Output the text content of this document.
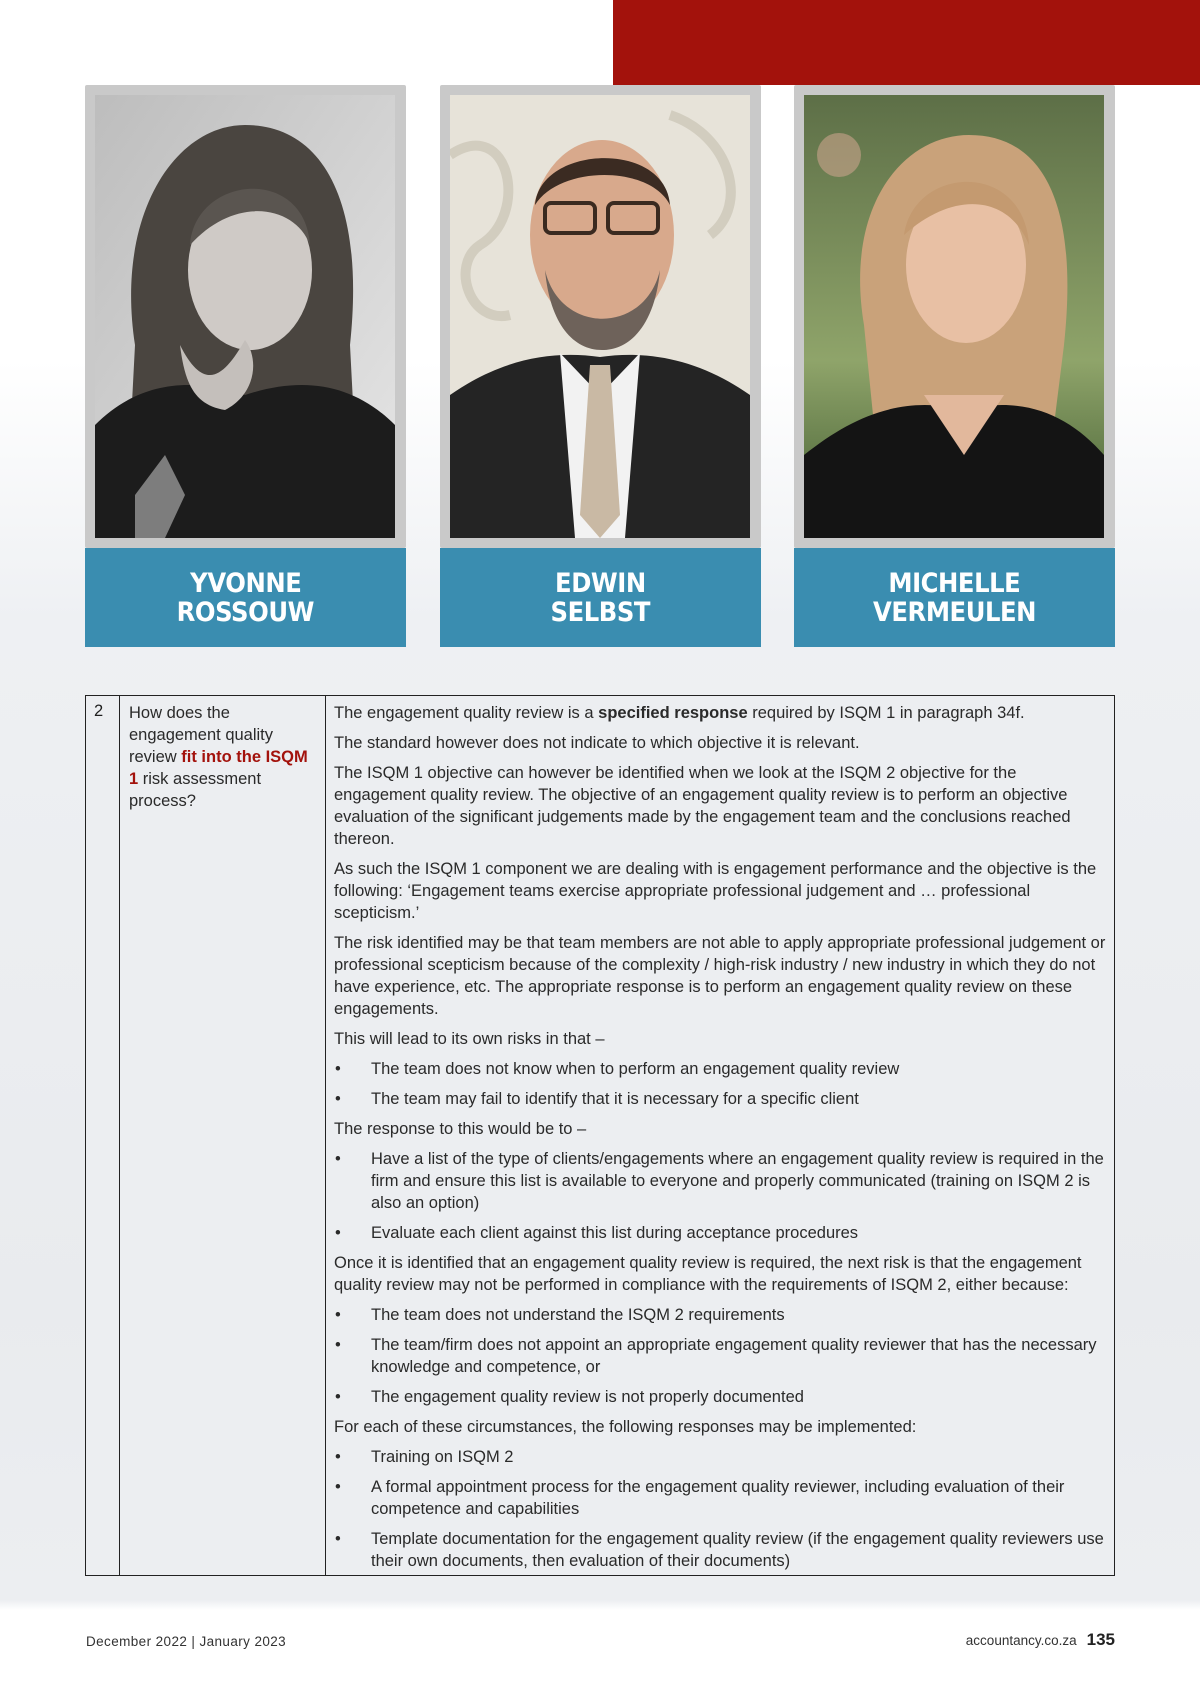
YVONNE
ROSSOUW
EDWIN
SELBST
MICHELLE
VERMEULEN
2 How does the engagement quality review fit into the ISQM 1 risk assessment process?

The engagement quality review is a specified response required by ISQM 1 in paragraph 34f.

The standard however does not indicate to which objective it is relevant.

The ISQM 1 objective can however be identified when we look at the ISQM 2 objective for the engagement quality review. The objective of an engagement quality review is to perform an objective evaluation of the significant judgements made by the engagement team and the conclusions reached thereon.

As such the ISQM 1 component we are dealing with is engagement performance and the objective is the following: ‘Engagement teams exercise appropriate professional judgement and … professional scepticism.’

The risk identified may be that team members are not able to apply appropriate professional judgement or professional scepticism because of the complexity / high-risk industry / new industry in which they do not have experience, etc. The appropriate response is to perform an engagement quality review on these engagements.

This will lead to its own risks in that –

• The team does not know when to perform an engagement quality review
• The team may fail to identify that it is necessary for a specific client

The response to this would be to –

• Have a list of the type of clients/engagements where an engagement quality review is required in the firm and ensure this list is available to everyone and properly communicated (training on ISQM 2 is also an option)
• Evaluate each client against this list during acceptance procedures

Once it is identified that an engagement quality review is required, the next risk is that the engagement quality review may not be performed in compliance with the requirements of ISQM 2, either because:

• The team does not understand the ISQM 2 requirements
• The team/firm does not appoint an appropriate engagement quality reviewer that has the necessary knowledge and competence, or
• The engagement quality review is not properly documented

For each of these circumstances, the following responses may be implemented:

• Training on ISQM 2
• A formal appointment process for the engagement quality reviewer, including evaluation of their competence and capabilities
• Template documentation for the engagement quality review (if the engagement quality reviewers use their own documents, then evaluation of their documents)
December 2022 | January 2023	accountancy.co.za 135
